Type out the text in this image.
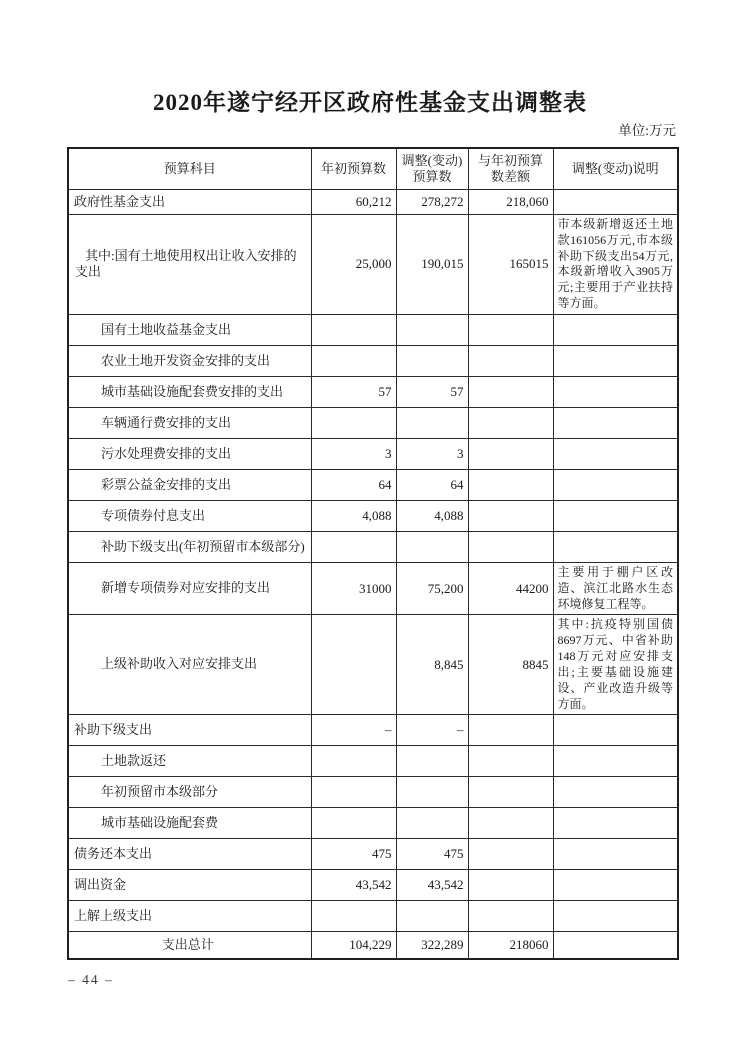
2020年遂宁经开区政府性基金支出调整表
单位:万元
预算科目	年初预算数	调整(变动)预算数	与年初预算数差额	调整(变动)说明
政府性基金支出	60,212	278,272	218,060	
其中:国有土地使用权出让收入安排的支出	25,000	190,015	165015	市本级新增返还土地款161056万元,市本级补助下级支出54万元,本级新增收入3905万元;主要用于产业扶持等方面。
国有土地收益基金支出				
农业土地开发资金安排的支出				
城市基础设施配套费安排的支出	57	57		
车辆通行费安排的支出				
污水处理费安排的支出	3	3		
彩票公益金安排的支出	64	64		
专项债券付息支出	4,088	4,088		
补助下级支出(年初预留市本级部分)				
新增专项债券对应安排的支出	31000	75,200	44200	主要用于棚户区改造、滨江北路水生态环境修复工程等。
上级补助收入对应安排支出		8,845	8845	其中:抗疫特别国债8697万元、中省补助148万元对应安排支出;主要基础设施建设、产业改造升级等方面。
补助下级支出	–	–		
土地款返还				
年初预留市本级部分				
城市基础设施配套费				
债务还本支出	475	475		
调出资金	43,542	43,542		
上解上级支出				
支出总计	104,229	322,289	218060	
– 44 –
